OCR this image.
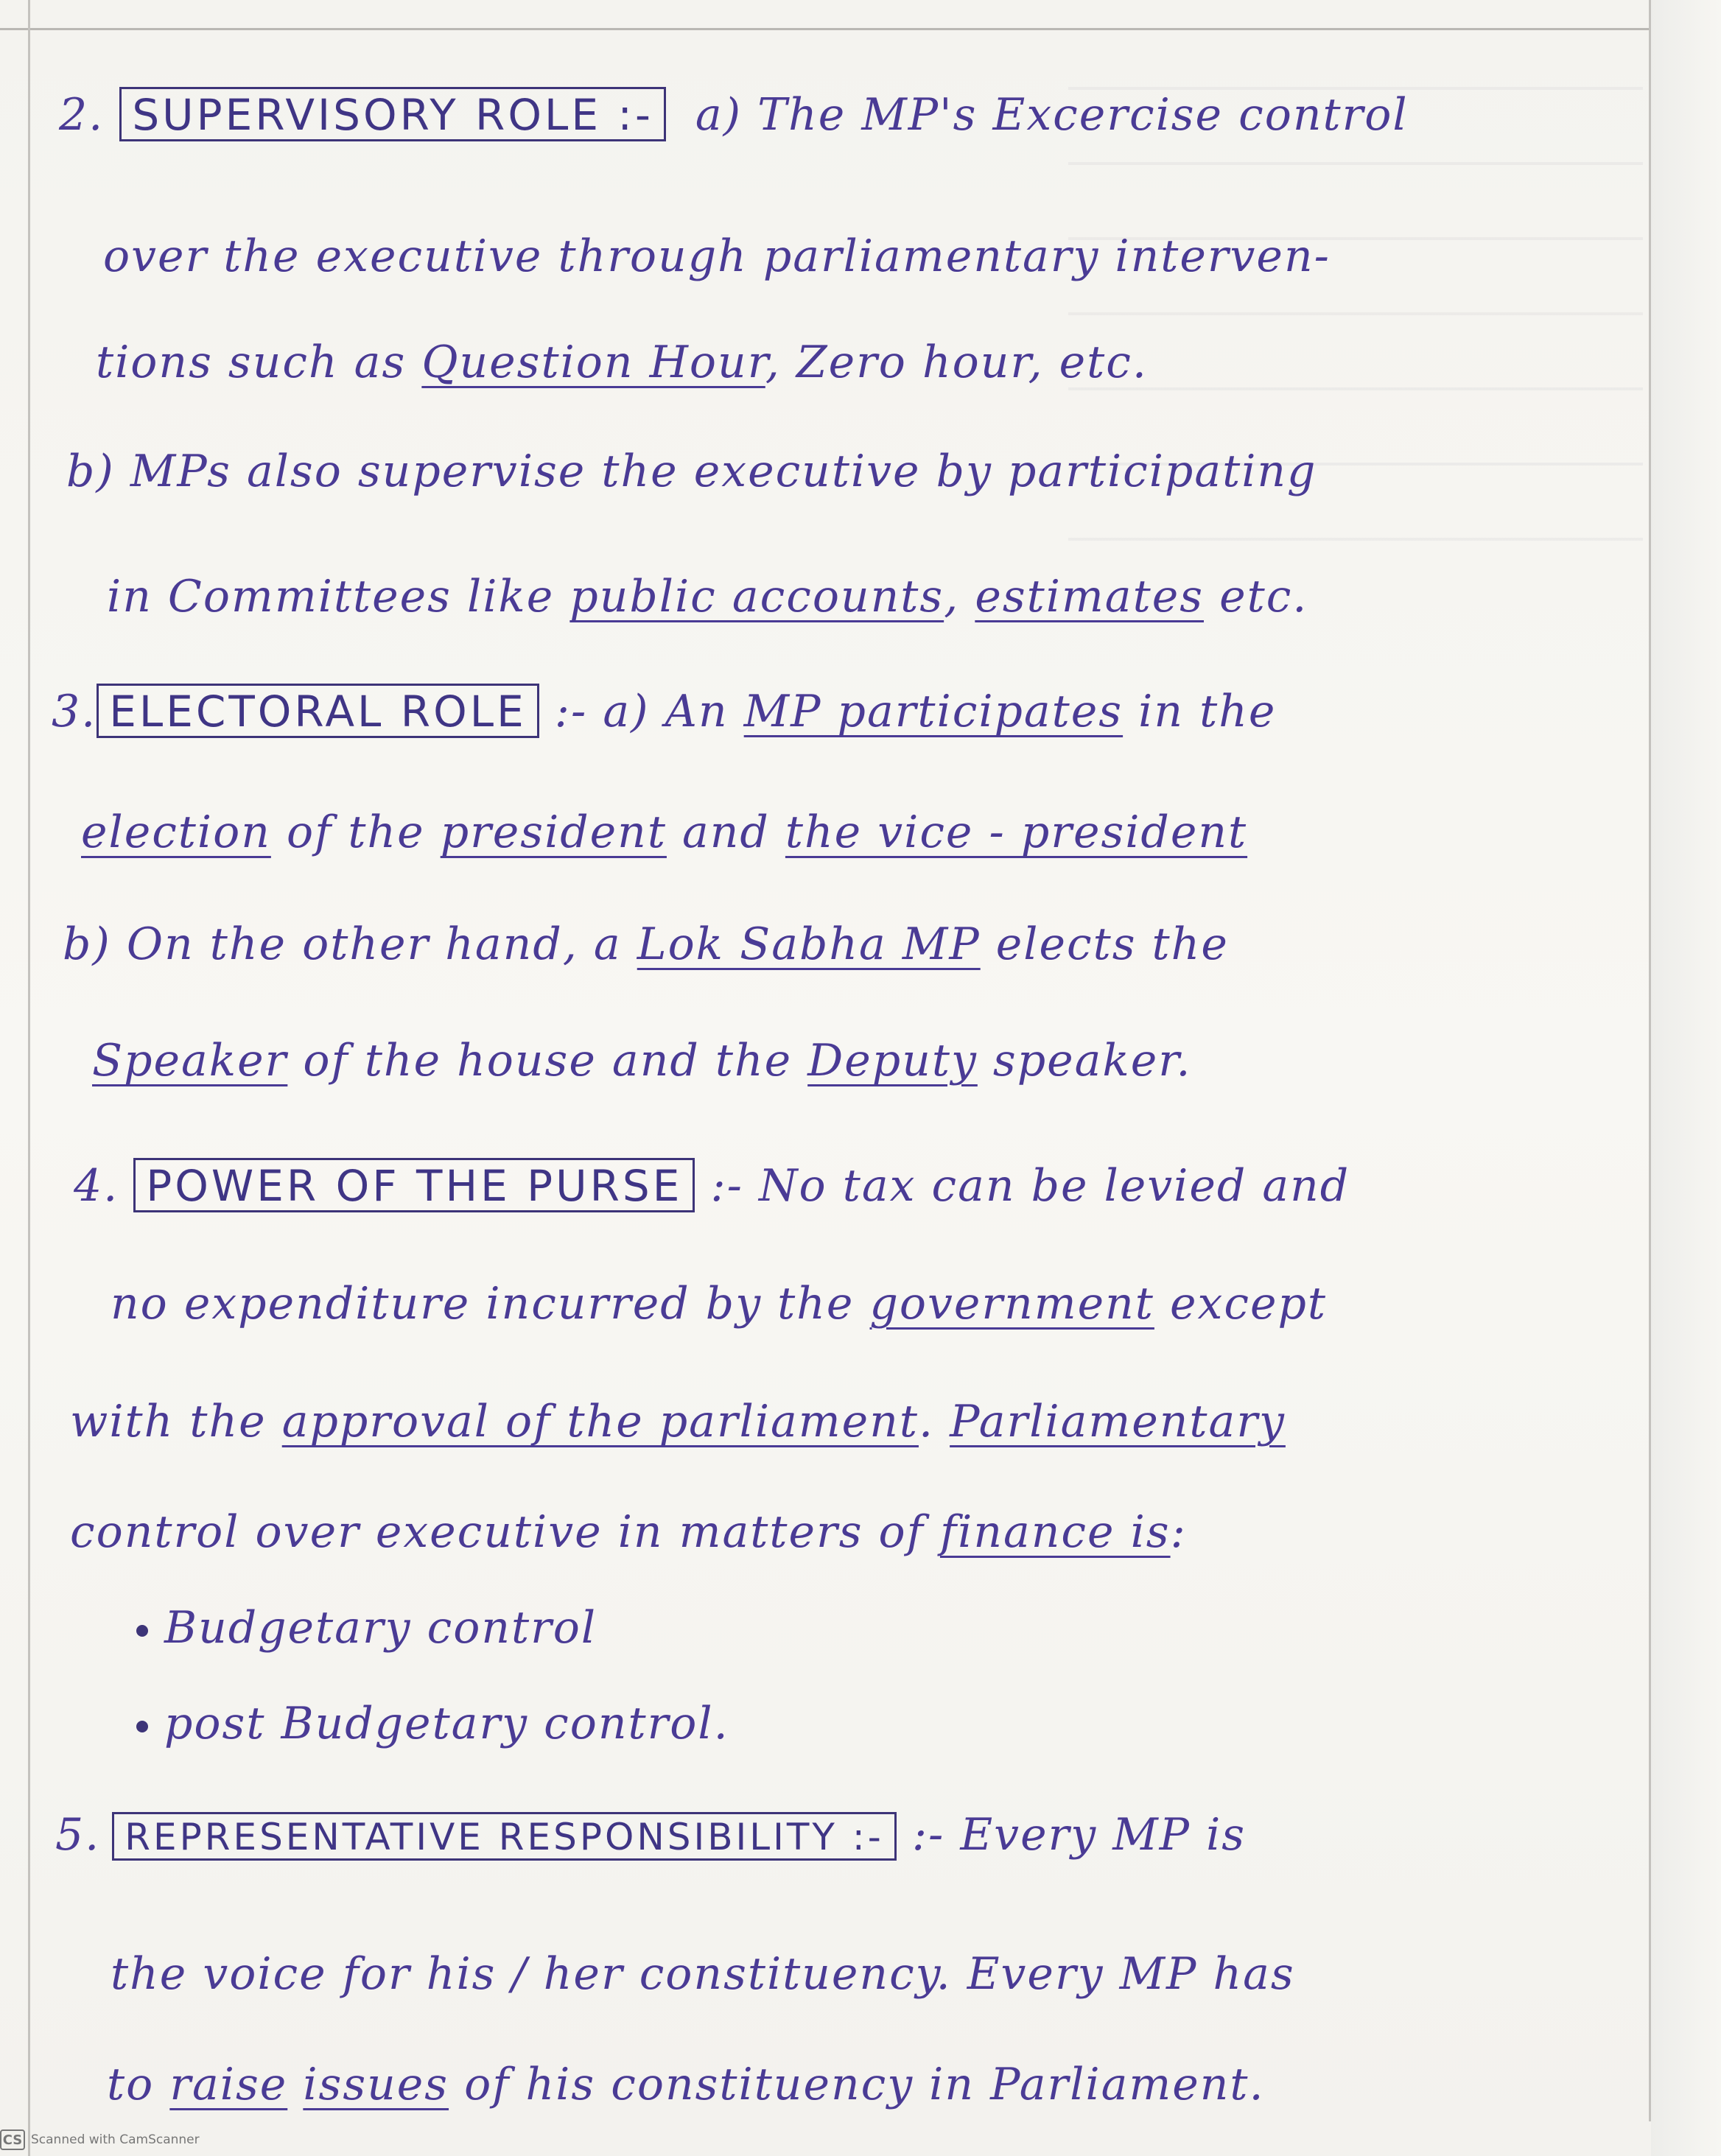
2. SUPERVISORY ROLE :- a) The MP's Excercise control

over the executive through parliamentary interven-

tions such as Question Hour, Zero hour, etc.

b) MPs also supervise the executive by participating

in Committees like public accounts, estimates etc.

3. ELECTORAL ROLE :- a) An MP participates in the

election of the president and the vice - president

b) On the other hand, a Lok Sabha MP elects the

Speaker of the house and the Deputy speaker.

4. POWER OF THE PURSE :- No tax can be levied and

no expenditure incurred by the government except

with the approval of the parliament. Parliamentary

control over executive in matters of finance is:

Budgetary control

post Budgetary control.

5. REPRESENTATIVE RESPONSIBILITY :- :- Every MP is

the voice for his / her constituency. Every MP has

to raise issues of his constituency in Parliament.

CS Scanned with CamScanner
